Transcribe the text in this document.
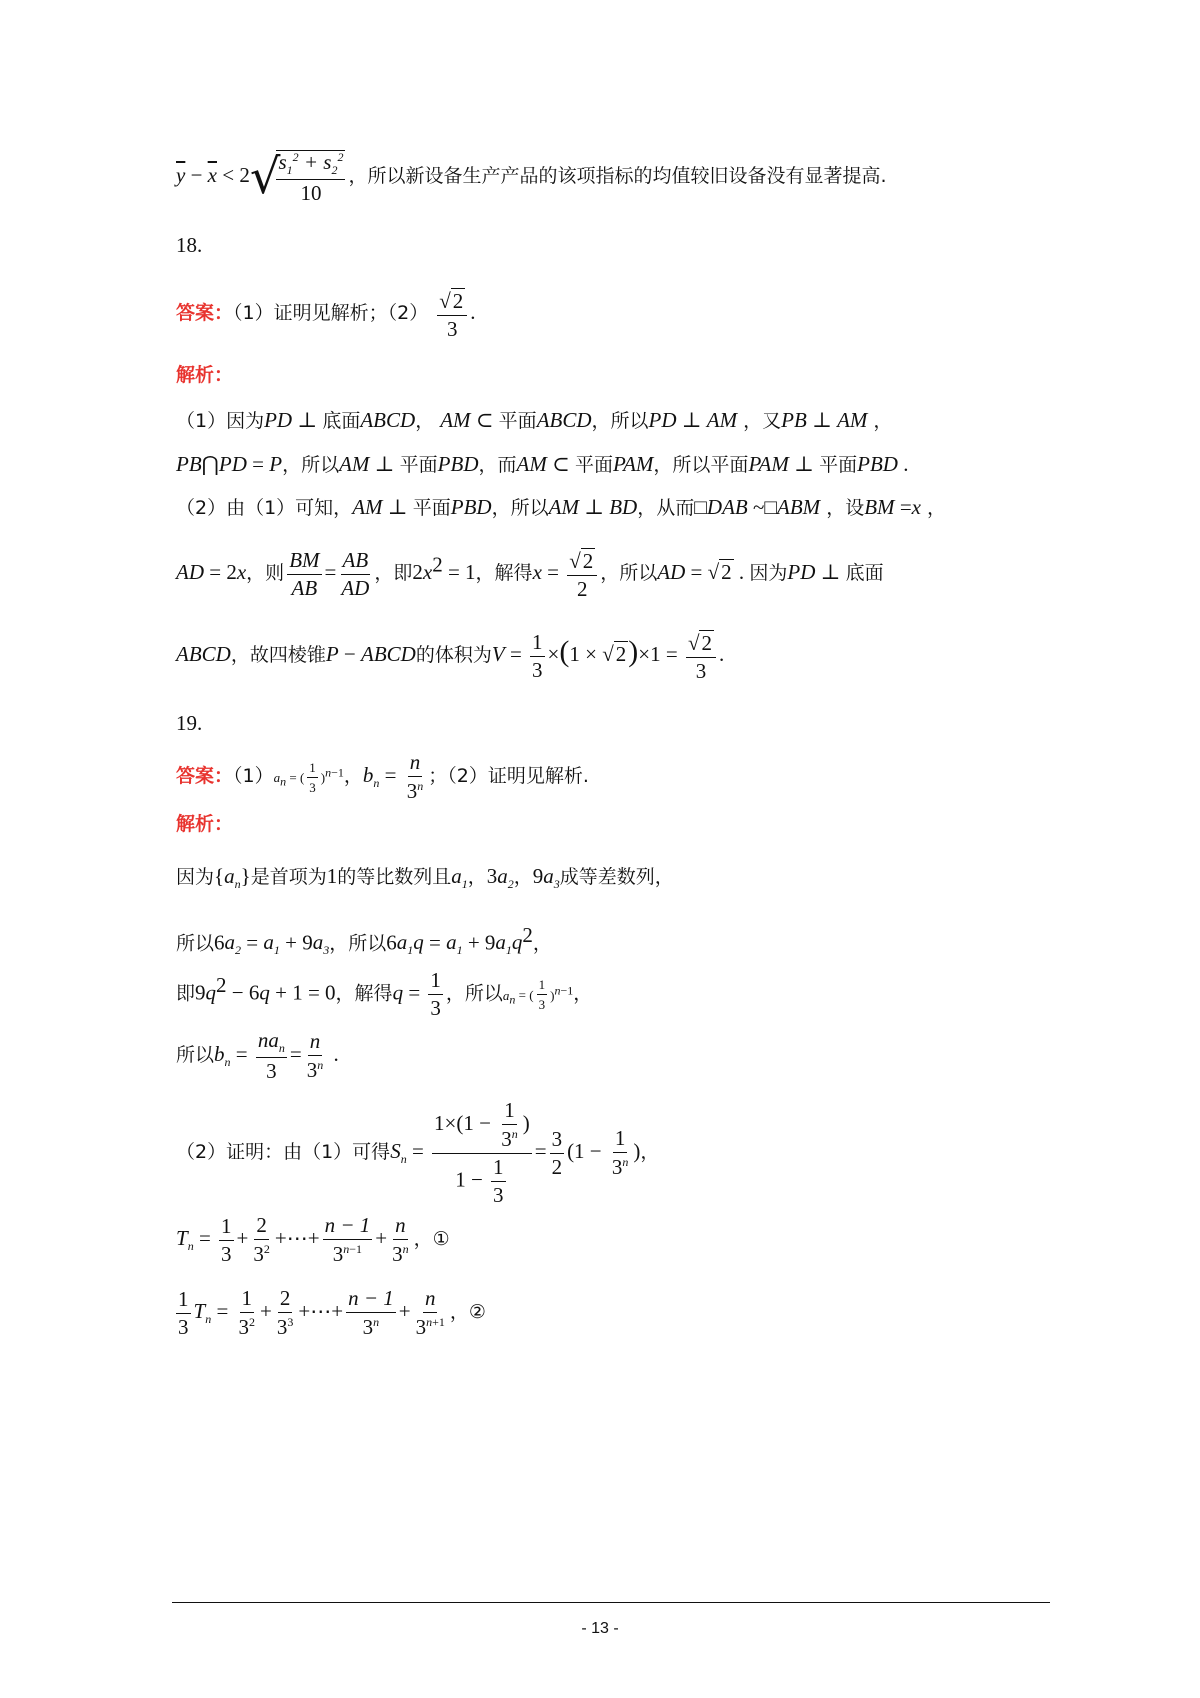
$\overline{y} - \overline{x} < 2√$
$\frac{s_1^2 + s_2^2}{10}$ ，所以新设备生产产品的该项指标的均值较旧设备没有显著提高.
18.
答案：（1）证明见解析；$(2) \frac{√2}{3}$ .
解析：
（1）因为PD ⊥ 底面ABCD， AM ⊂ 平面ABCD，所以PD ⊥ AM ，又PB ⊥ AM ，
PB⋂PD = P，所以AM ⊥ 平面PBD，而AM ⊂ 平面PAM，所以平面PAM ⊥ 平面PBD .
（2）由（1）可知，AM ⊥ 平面PBD，所以AM ⊥ BD，从而□DAB ~□ABM ，设BM =x ，
AD = 2x，则 $\frac{BM}{AB} = \frac{AB}{AD}$ ，即$2x^2 = 1$，解得$x = \frac{√2}{2}$ ，所以AD = √2 . 因为PD ⊥ 底面
ABCD，故四棱锥P − ABCD的体积为$V = \frac{1}{3} \times(1 \times √2)\times 1 = \frac{√2}{3}$ .
19.
答案：$(1)a_n$ = ( $\frac{1}{3} )^{n-1}$，$b_n = \frac{n}{3^n}$ ；（2）证明见解析.
解析：
因为$\{a_n\}$是首项为1的等比数列且$a_1$，$3a_2$，$9a_3$成等差数列，
所以$6a_2 = a_1 + 9a_3$，所以$6a_1q = a_1 + 9a_1q^2$，
即$9q^2 - 6q + 1 = 0$，解得$q = \frac{1}{3}$ ，所以$a_n$ = ( $\frac{1}{3} )^{n-1}$，
所以$b_n = \frac{na_n}{3} = \frac{n}{3^n}$ .
（2）证明：由（1）可得$S_n = \frac{1\times(1 - \frac{1}{3^n} )}{1 - \frac{1}{3}} = \frac{3}{2} (1 - \frac{1}{3^n}$ )，
$T_n = \frac{1}{3} + \frac{2}{3^2}$ +⋯+ $\frac{n - 1}{3^{n-1}} + \frac{n}{3^n}$ ，①
$\frac{1}{3} T_n = \frac{1}{3^2} + \frac{2}{3^3}$ +⋯+ $\frac{n - 1}{3^n} + \frac{n}{3^{n+1}}$ ，②
- 13 -
